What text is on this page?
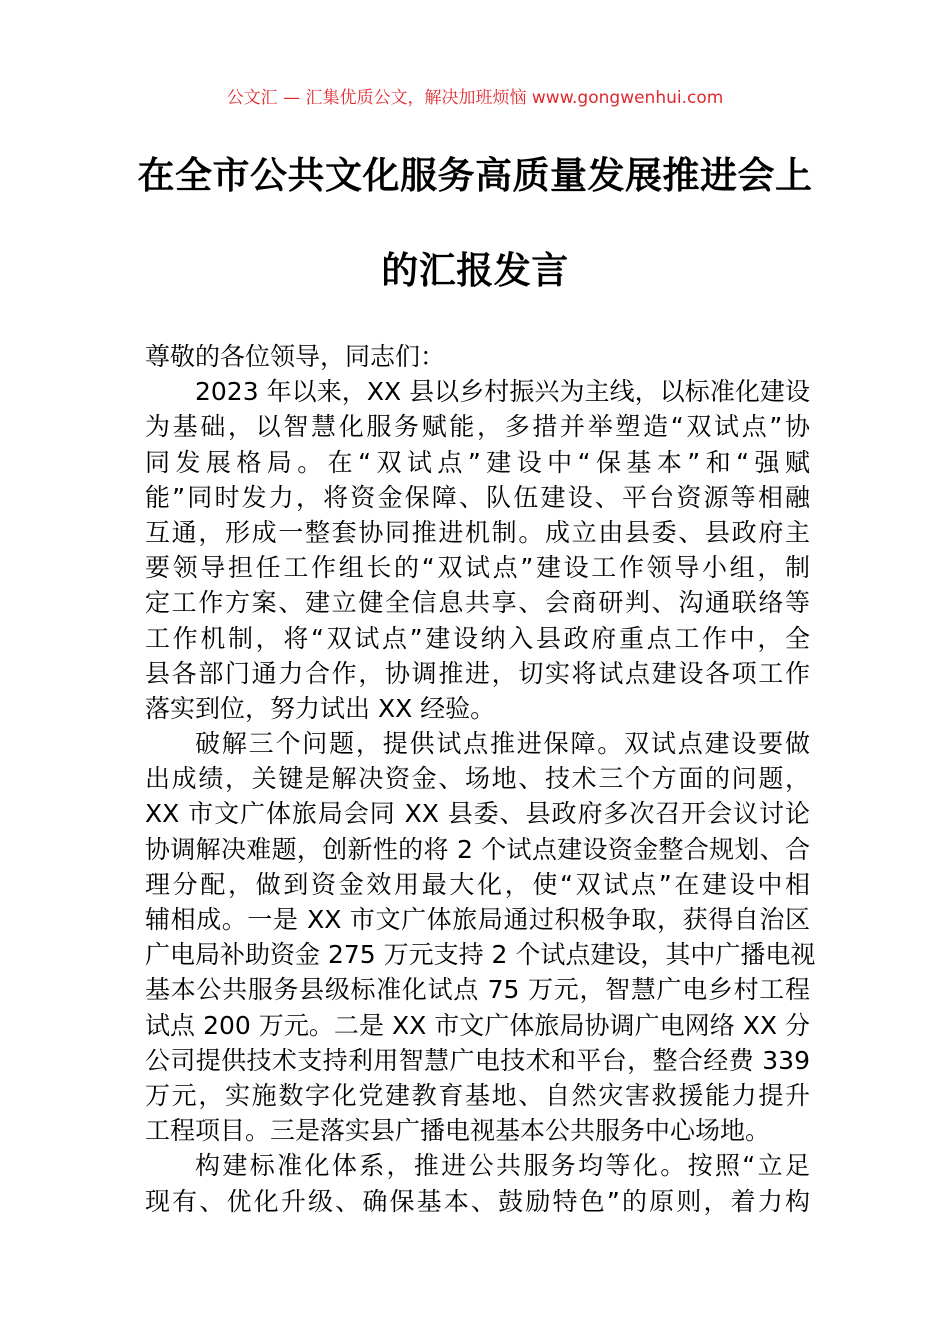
公文汇 — 汇集优质公文，解决加班烦恼 www.gongwenhui.com
在全市公共文化服务高质量发展推进会上
的汇报发言
尊敬的各位领导，同志们：
2023 年以来，XX 县以乡村振兴为主线，以标准化建设
为基础，以智慧化服务赋能，多措并举塑造“双试点”协
同发展格局。在“双试点”建设中“保基本”和“强赋
能”同时发力，将资金保障、队伍建设、平台资源等相融
互通，形成一整套协同推进机制。成立由县委、县政府主
要领导担任工作组长的“双试点”建设工作领导小组，制
定工作方案、建立健全信息共享、会商研判、沟通联络等
工作机制，将“双试点”建设纳入县政府重点工作中，全
县各部门通力合作，协调推进，切实将试点建设各项工作
落实到位，努力试出 XX 经验。
破解三个问题，提供试点推进保障。双试点建设要做
出成绩，关键是解决资金、场地、技术三个方面的问题，
XX 市文广体旅局会同 XX 县委、县政府多次召开会议讨论
协调解决难题，创新性的将 2 个试点建设资金整合规划、合
理分配，做到资金效用最大化，使“双试点”在建设中相
辅相成。一是 XX 市文广体旅局通过积极争取，获得自治区
广电局补助资金 275 万元支持 2 个试点建设，其中广播电视
基本公共服务县级标准化试点 75 万元，智慧广电乡村工程
试点 200 万元。二是 XX 市文广体旅局协调广电网络 XX 分
公司提供技术支持利用智慧广电技术和平台，整合经费 339
万元，实施数字化党建教育基地、自然灾害救援能力提升
工程项目。三是落实县广播电视基本公共服务中心场地。
构建标准化体系，推进公共服务均等化。按照“立足
现有、优化升级、确保基本、鼓励特色”的原则，着力构
